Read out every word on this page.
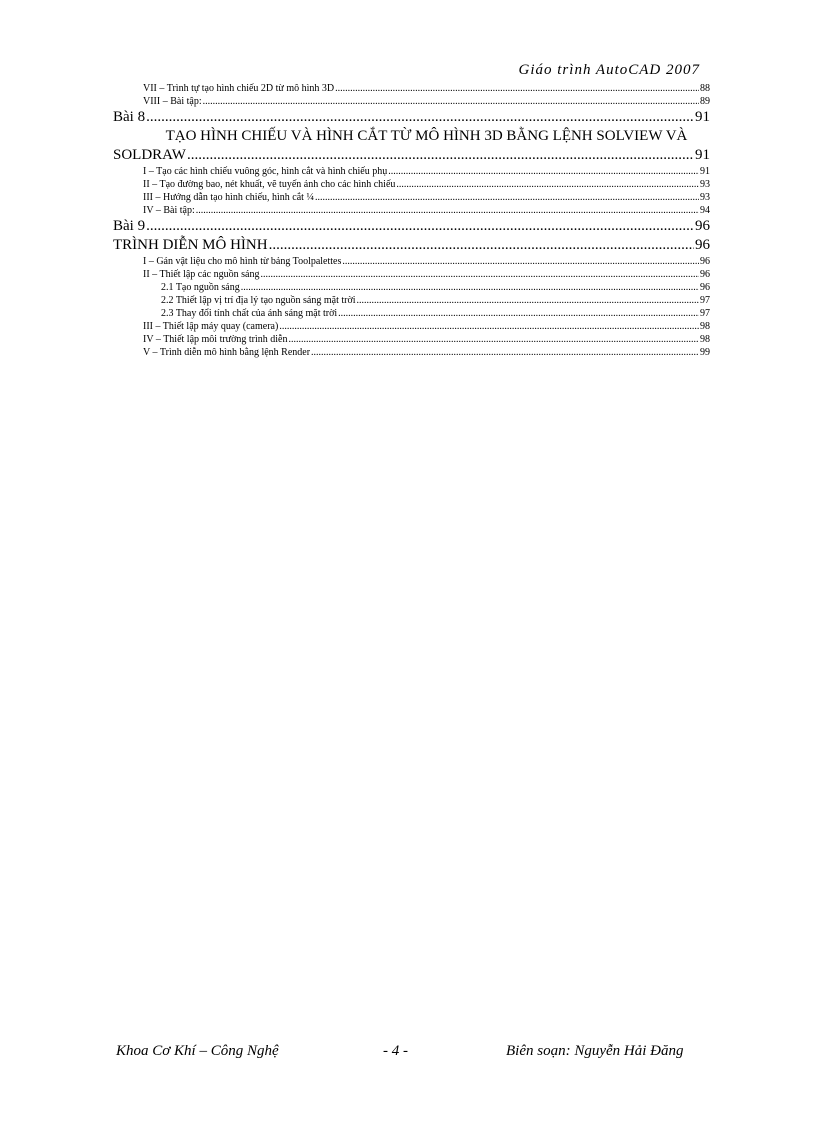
Giáo trình AutoCAD 2007
VII – Trình tự tạo hình chiếu 2D từ mô hình 3D .....	88
VIII – Bài tập: .....	89
Bài 8 .....	91
TẠO HÌNH CHIẾU VÀ HÌNH CẮT TỪ MÔ HÌNH 3D BẰNG LỆNH SOLVIEW VÀ
SOLDRAW .....	91
I – Tạo các hình chiếu vuông góc, hình cắt và hình chiếu phụ .....	91
II – Tạo đường bao, nét khuất, vẽ tuyến ảnh cho các hình chiếu .....	93
III – Hướng dẫn tạo hình chiếu, hình cắt ¼ .....	93
IV – Bài tập: .....	94
Bài 9 .....	96
TRÌNH DIỄN MÔ HÌNH .....	96
I – Gán vật liệu cho mô hình từ bảng Toolpalettes .....	96
II – Thiết lập các nguồn sáng .....	96
2.1 Tạo nguồn sáng .....	96
2.2 Thiết lập vị trí địa lý tạo nguồn sáng mặt trời .....	97
2.3 Thay đổi tính chất của ánh sáng mặt trời .....	97
III – Thiết lập máy quay (camera) .....	98
IV – Thiết lập môi trường trình diễn .....	98
V – Trình diễn mô hình bằng lệnh Render .....	99
Khoa Cơ Khí – Công Nghệ	- 4 -	Biên soạn: Nguyễn Hải Đăng
